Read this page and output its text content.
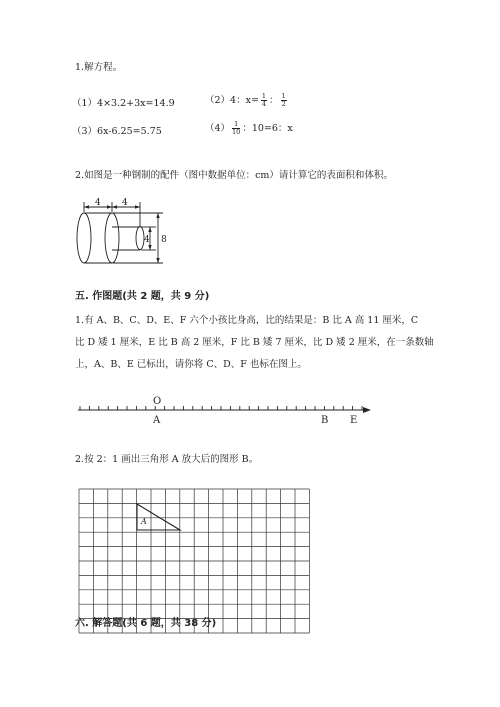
1.解方程。
（1）4×3.2+3x=14.9	（2）4：$x= \frac{1}{4}$ ： $\frac{1}{2}$
（3）6x-6.25=5.75	$(4) \frac{1}{10}$ ：10=6：x
2.如图是一种钢制的配件（图中数据单位：cm）请计算它的表面积和体积。
4 4
4 8
五. 作图题(共 2 题，共 9 分)
1.有 A、B、C、D、E、F 六个小孩比身高，比的结果是：B 比 A 高 11 厘米，C
比 D 矮 1 厘米，E 比 B 高 2 厘米，F 比 B 矮 7 厘米，比 D 矮 2 厘米，在一条数轴
上，A、B、E 已标出，请你将 C、D、F 也标在图上。
O
A	B E
2.按 2：1 画出三角形 A 放大后的图形 B。
A
六. 解答题(共 6 题，共 38 分)
